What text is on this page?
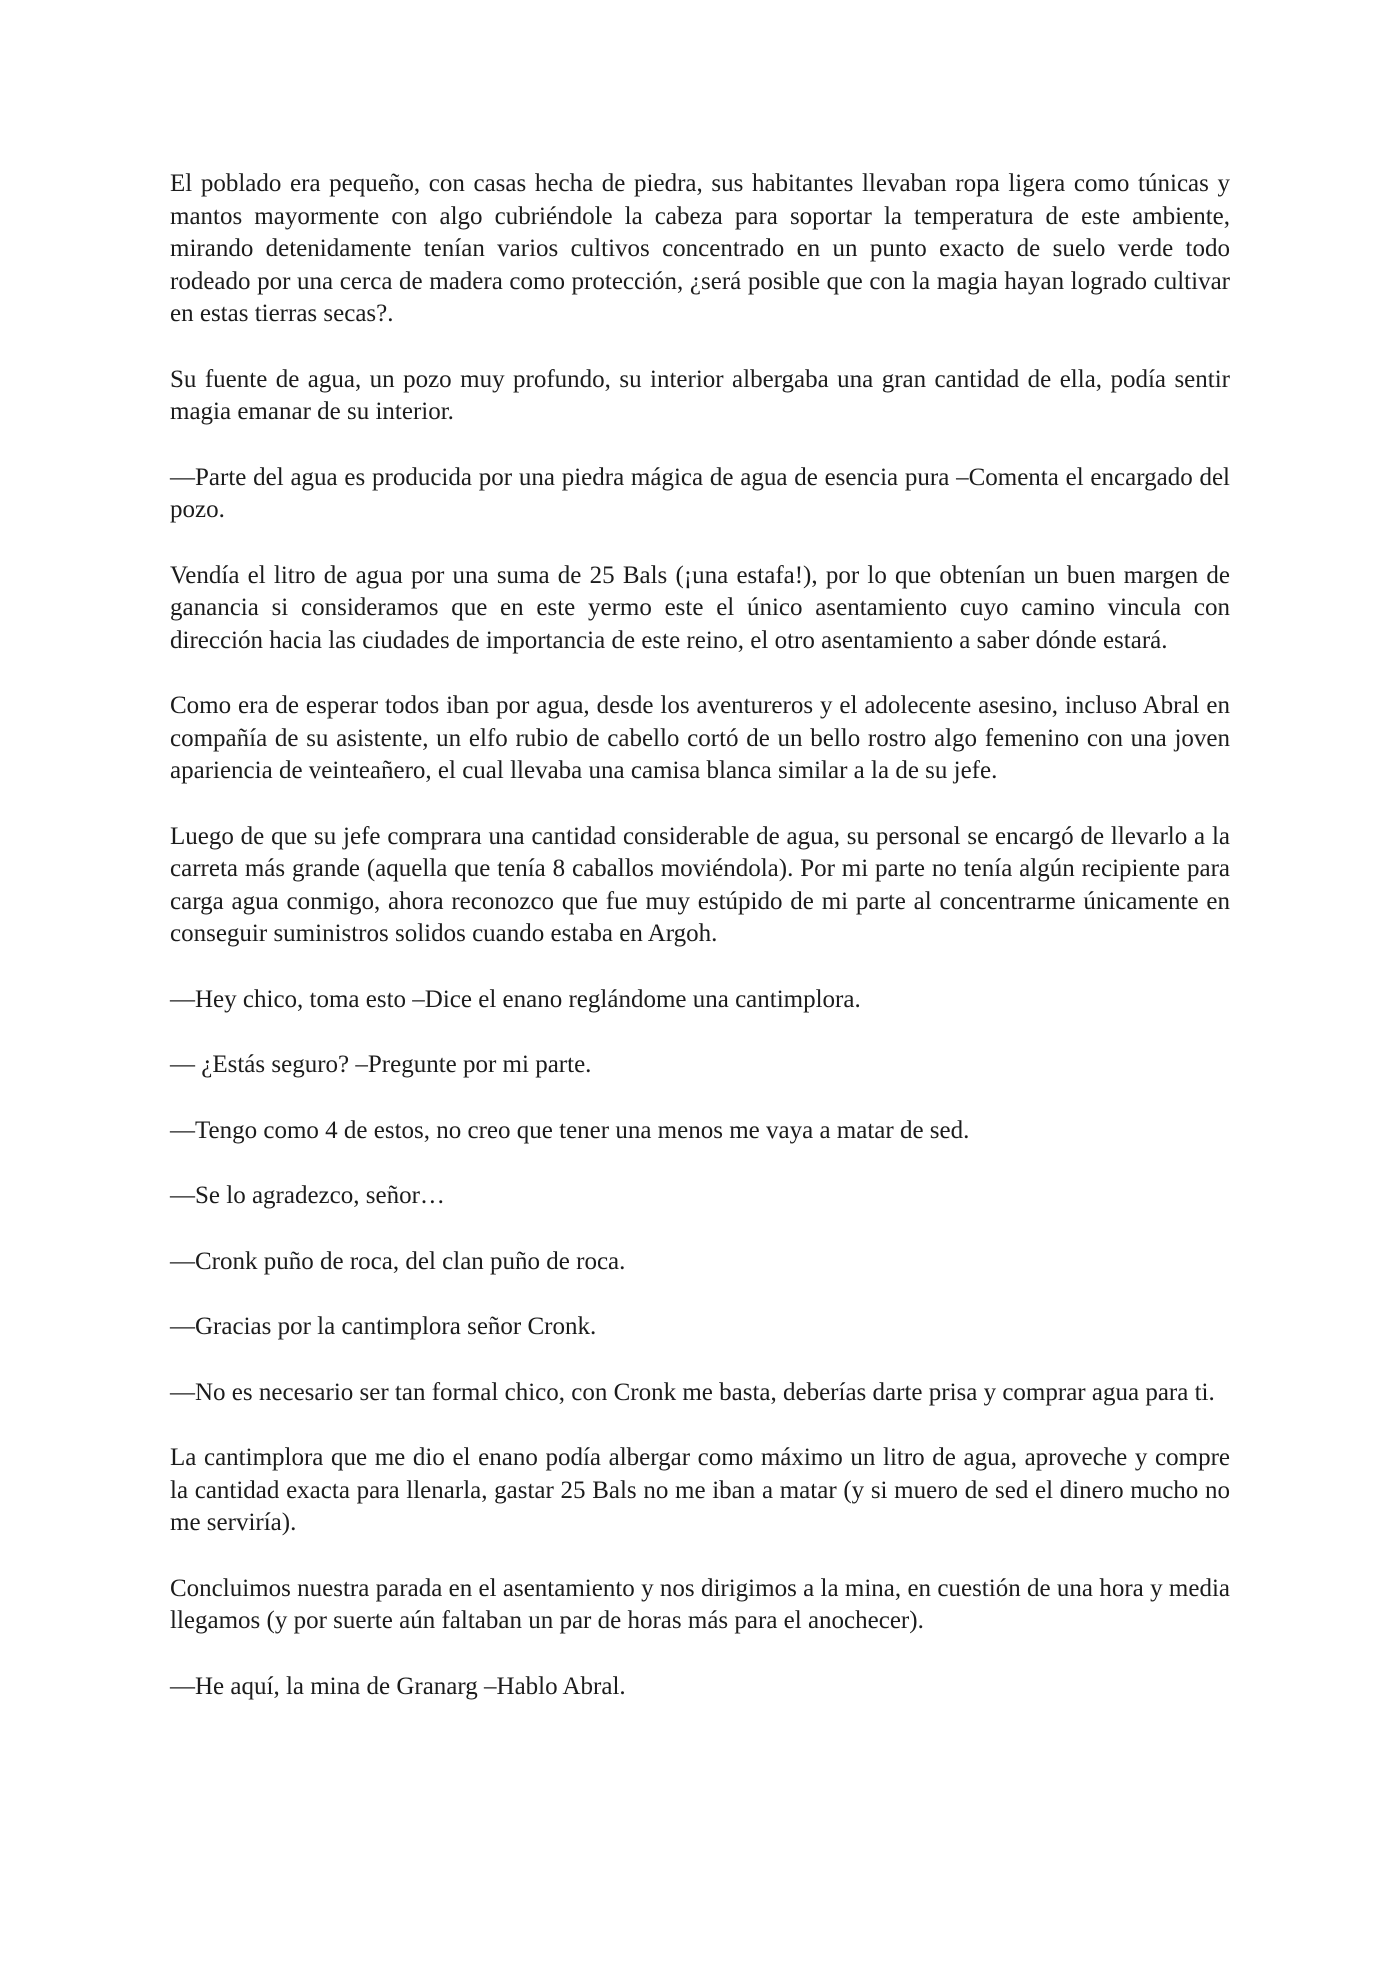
El poblado era pequeño, con casas hecha de piedra, sus habitantes llevaban ropa ligera como túnicas y mantos mayormente con algo cubriéndole la cabeza para soportar la temperatura de este ambiente, mirando detenidamente tenían varios cultivos concentrado en un punto exacto de suelo verde todo rodeado por una cerca de madera como protección, ¿será posible que con la magia hayan logrado cultivar en estas tierras secas?.

Su fuente de agua, un pozo muy profundo, su interior albergaba una gran cantidad de ella, podía sentir magia emanar de su interior.

—Parte del agua es producida por una piedra mágica de agua de esencia pura –Comenta el encargado del pozo.

Vendía el litro de agua por una suma de 25 Bals (¡una estafa!), por lo que obtenían un buen margen de ganancia si consideramos que en este yermo este el único asentamiento cuyo camino vincula con dirección hacia las ciudades de importancia de este reino, el otro asentamiento a saber dónde estará.

Como era de esperar todos iban por agua, desde los aventureros y el adolecente asesino, incluso Abral en compañía de su asistente, un elfo rubio de cabello cortó de un bello rostro algo femenino con una joven apariencia de veinteañero, el cual llevaba una camisa blanca similar a la de su jefe.

Luego de que su jefe comprara una cantidad considerable de agua, su personal se encargó de llevarlo a la carreta más grande (aquella que tenía 8 caballos moviéndola). Por mi parte no tenía algún recipiente para carga agua conmigo, ahora reconozco que fue muy estúpido de mi parte al concentrarme únicamente en conseguir suministros solidos cuando estaba en Argoh.

—Hey chico, toma esto –Dice el enano reglándome una cantimplora.

— ¿Estás seguro? –Pregunte por mi parte.

—Tengo como 4 de estos, no creo que tener una menos me vaya a matar de sed.

—Se lo agradezco, señor…

—Cronk puño de roca, del clan puño de roca.

—Gracias por la cantimplora señor Cronk.

—No es necesario ser tan formal chico, con Cronk me basta, deberías darte prisa y comprar agua para ti.

La cantimplora que me dio el enano podía albergar como máximo un litro de agua, aproveche y compre la cantidad exacta para llenarla, gastar 25 Bals no me iban a matar (y si muero de sed el dinero mucho no me serviría).

Concluimos nuestra parada en el asentamiento y nos dirigimos a la mina, en cuestión de una hora y media llegamos (y por suerte aún faltaban un par de horas más para el anochecer).

—He aquí, la mina de Granarg –Hablo Abral.
